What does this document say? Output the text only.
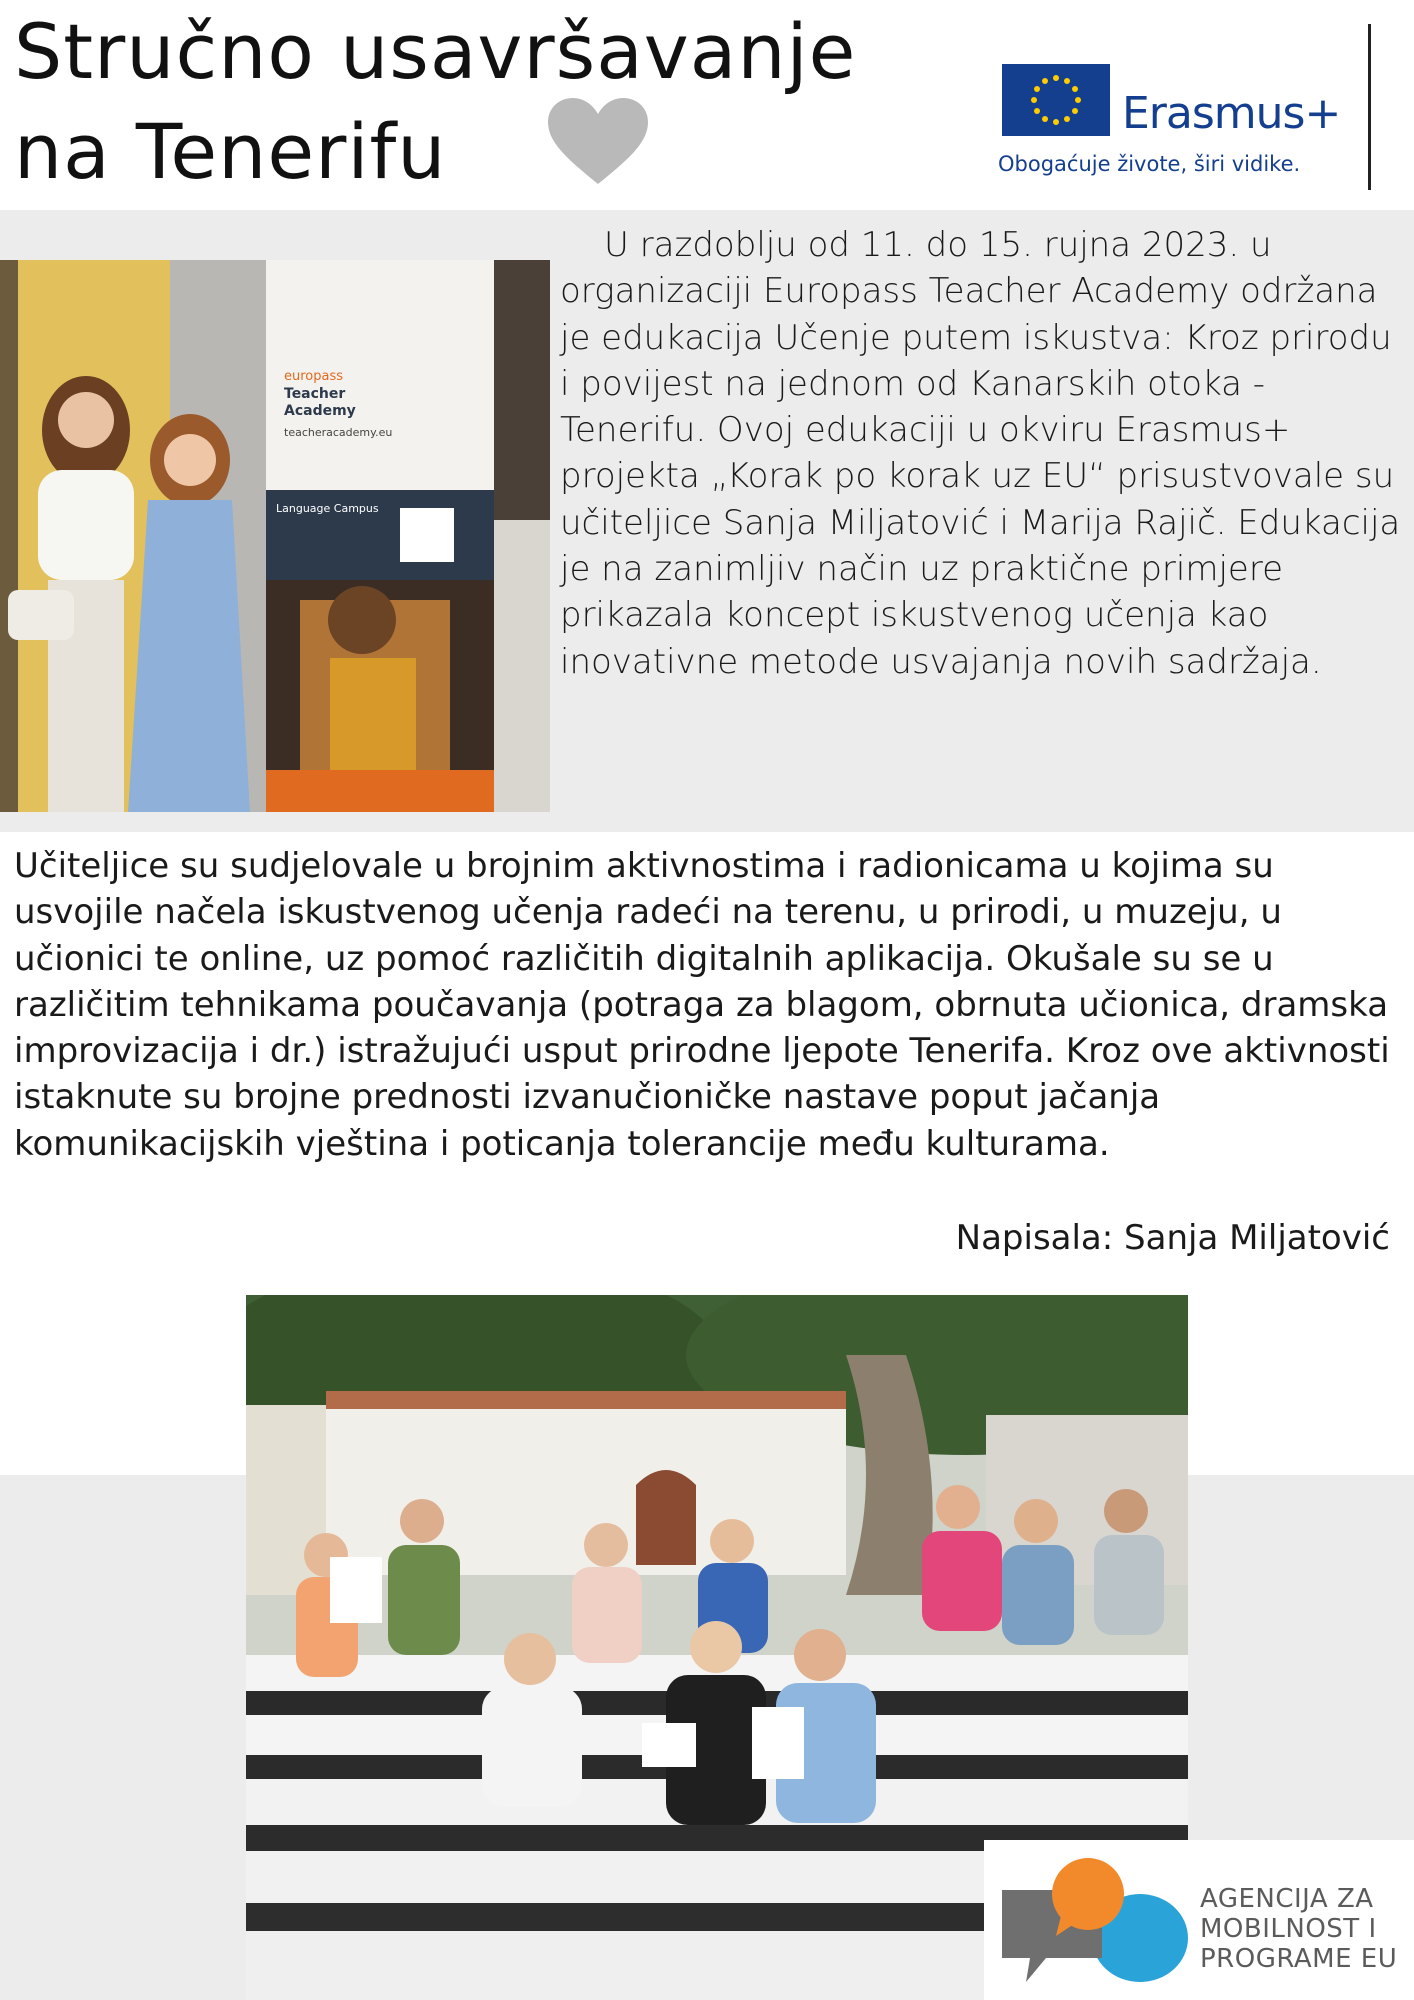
Stručno usavršavanje
na Tenerifu	Erasmus+
Obogaćuje živote, širi vidike.
europass
Teacher
Academy
teacheracademy.eu
Language Campus

U razdoblju od 11. do 15. rujna 2023. u organizaciji Europass Teacher Academy održana je edukacija Učenje putem iskustva: Kroz prirodu i povijest na jednom od Kanarskih otoka - Tenerifu. Ovoj edukaciji u okviru Erasmus+ projekta „Korak po korak uz EU“ prisustvovale su učiteljice Sanja Miljatović i Marija Rajič. Edukacija je na zanimljiv način uz praktične primjere prikazala koncept iskustvenog učenja kao inovativne metode usvajanja novih sadržaja.

Učiteljice su sudjelovale u brojnim aktivnostima i radionicama u kojima su usvojile načela iskustvenog učenja radeći na terenu, u prirodi, u muzeju, u učionici te online, uz pomoć različitih digitalnih aplikacija. Okušale su se u različitim tehnikama poučavanja (potraga za blagom, obrnuta učionica, dramska improvizacija i dr.) istražujući usput prirodne ljepote Tenerifa. Kroz ove aktivnosti istaknute su brojne prednosti izvanučioničke nastave poput jačanja komunikacijskih vještina i poticanja tolerancije među kulturama.

Napisala: Sanja Miljatović

AGENCIJA ZA
MOBILNOST I
PROGRAME EU
